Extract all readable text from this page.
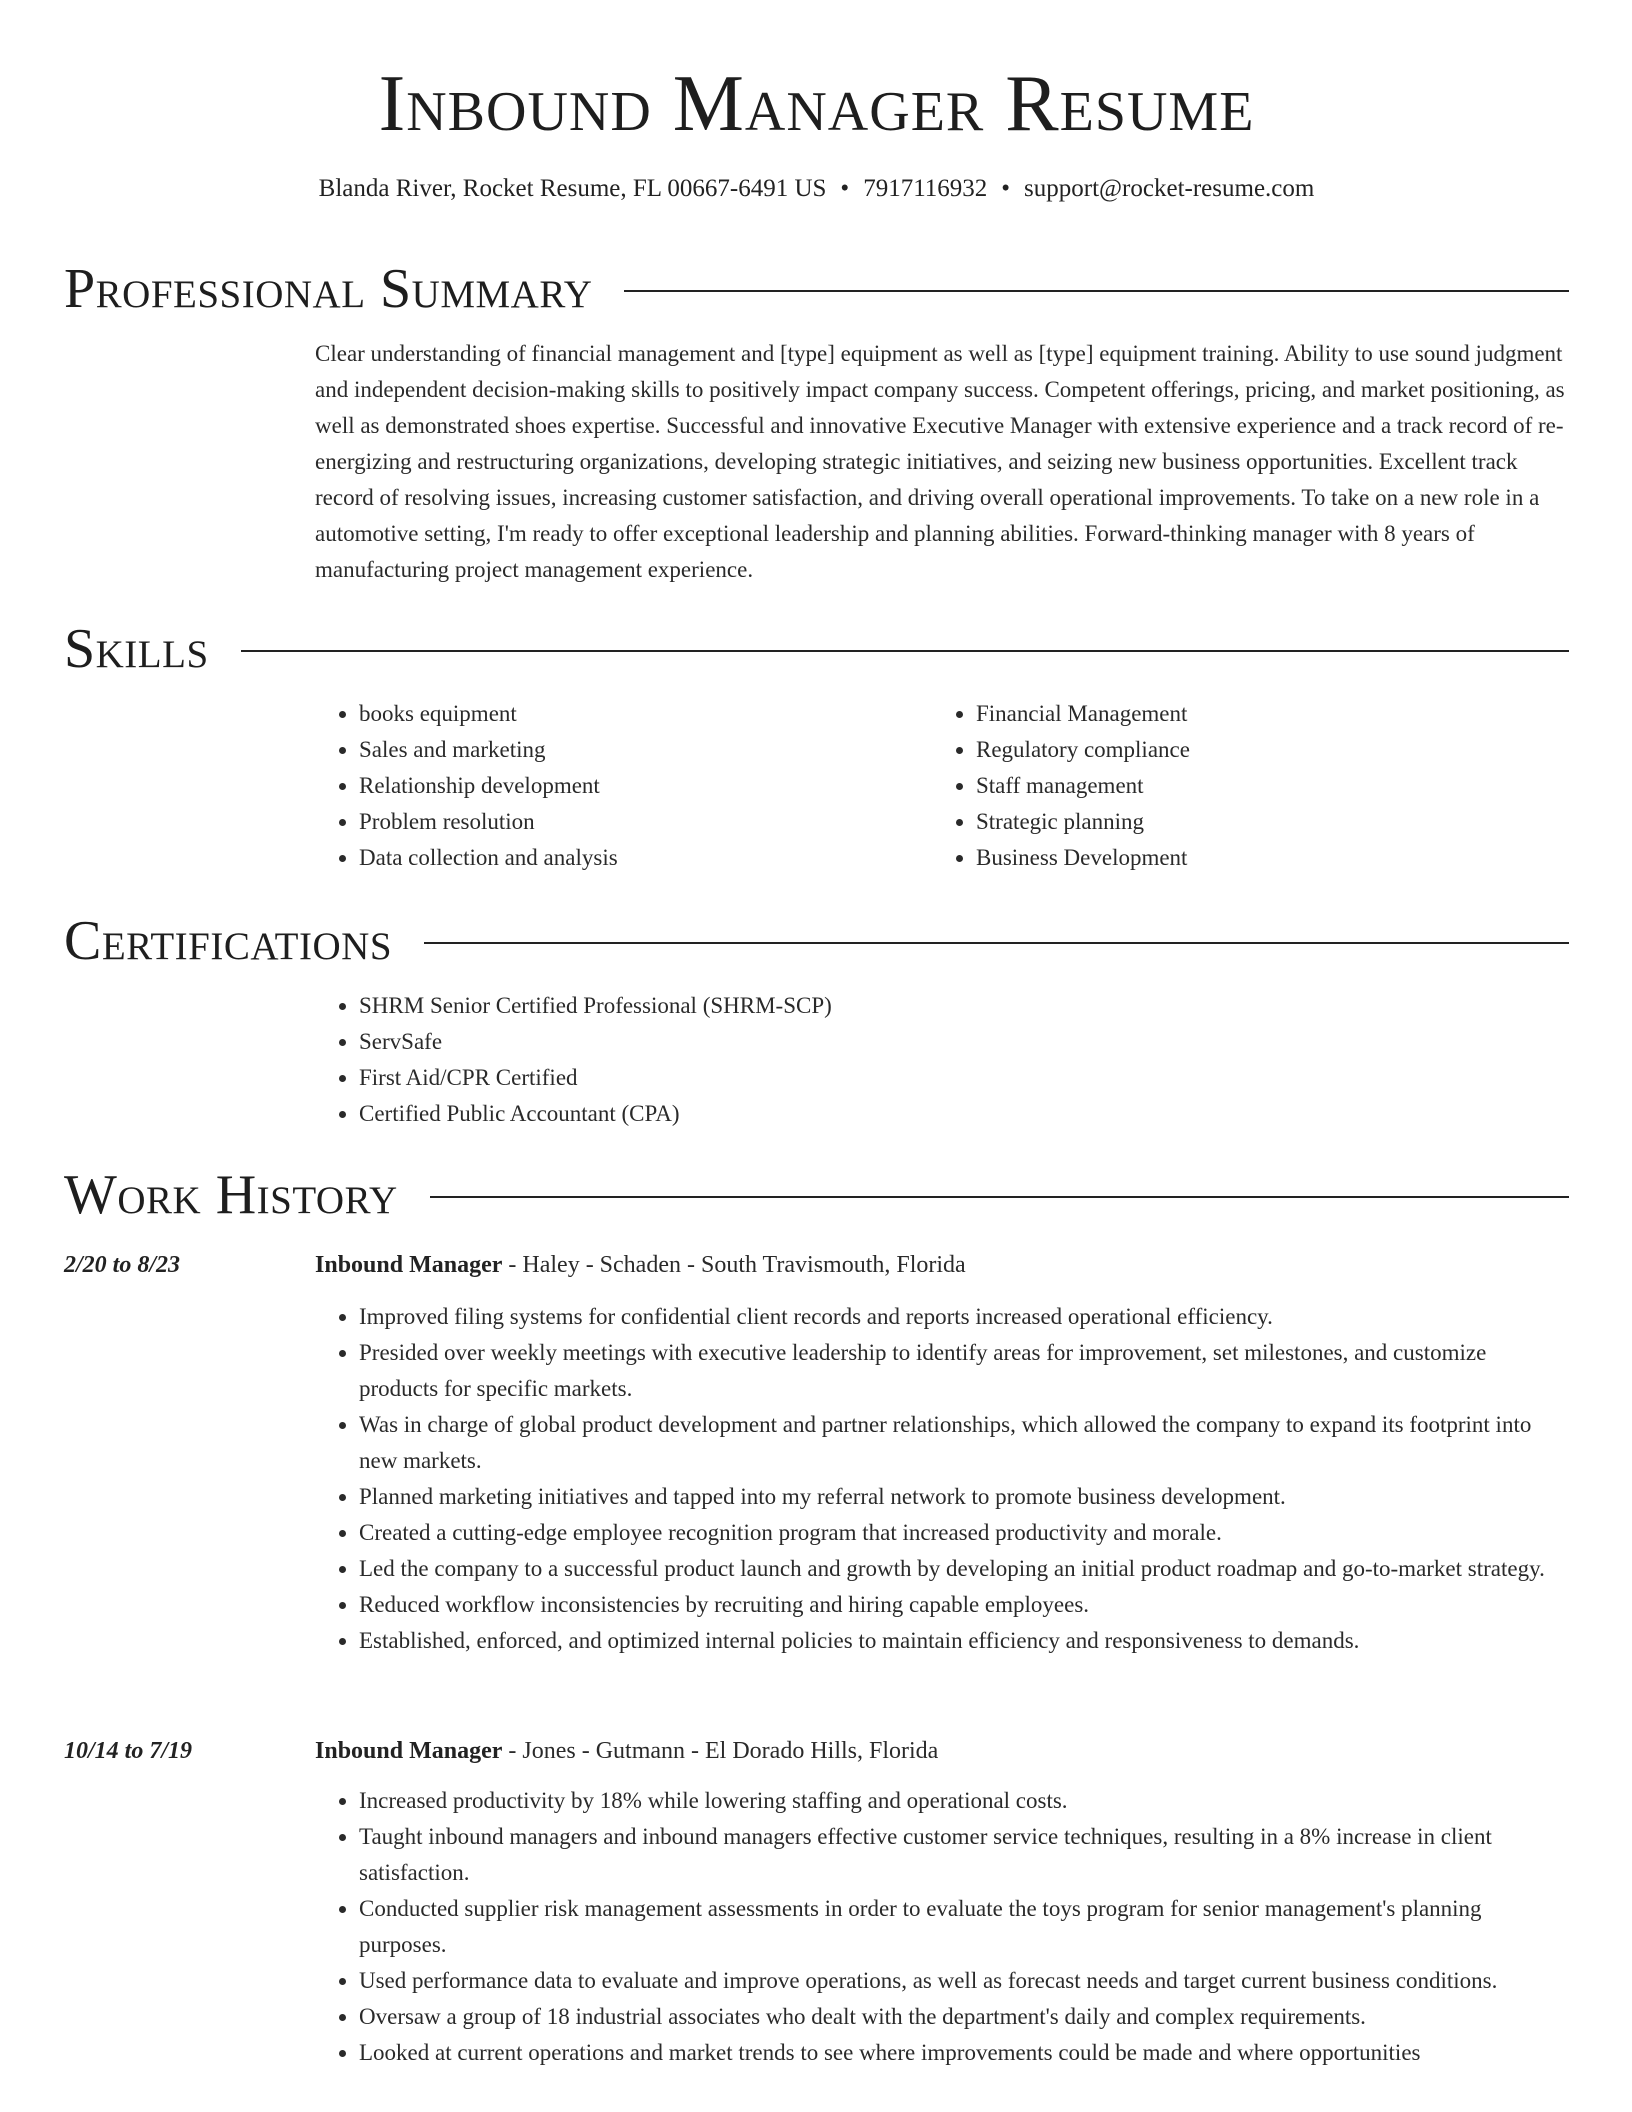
Inbound Manager Resume
Blanda River, Rocket Resume, FL 00667-6491 US • 7917116932 • support@rocket-resume.com
Professional Summary
Clear understanding of financial management and [type] equipment as well as [type] equipment training. Ability to use sound judgment and independent decision-making skills to positively impact company success. Competent offerings, pricing, and market positioning, as well as demonstrated shoes expertise. Successful and innovative Executive Manager with extensive experience and a track record of re-energizing and restructuring organizations, developing strategic initiatives, and seizing new business opportunities. Excellent track record of resolving issues, increasing customer satisfaction, and driving overall operational improvements. To take on a new role in a automotive setting, I'm ready to offer exceptional leadership and planning abilities. Forward-thinking manager with 8 years of manufacturing project management experience.
Skills
• books equipment
• Sales and marketing
• Relationship development
• Problem resolution
• Data collection and analysis
• Financial Management
• Regulatory compliance
• Staff management
• Strategic planning
• Business Development
Certifications
• SHRM Senior Certified Professional (SHRM-SCP)
• ServSafe
• First Aid/CPR Certified
• Certified Public Accountant (CPA)
Work History
2/20 to 8/23	Inbound Manager - Haley - Schaden - South Travismouth, Florida
• Improved filing systems for confidential client records and reports increased operational efficiency.
• Presided over weekly meetings with executive leadership to identify areas for improvement, set milestones, and customize products for specific markets.
• Was in charge of global product development and partner relationships, which allowed the company to expand its footprint into new markets.
• Planned marketing initiatives and tapped into my referral network to promote business development.
• Created a cutting-edge employee recognition program that increased productivity and morale.
• Led the company to a successful product launch and growth by developing an initial product roadmap and go-to-market strategy.
• Reduced workflow inconsistencies by recruiting and hiring capable employees.
• Established, enforced, and optimized internal policies to maintain efficiency and responsiveness to demands.
10/14 to 7/19	Inbound Manager - Jones - Gutmann - El Dorado Hills, Florida
• Increased productivity by 18% while lowering staffing and operational costs.
• Taught inbound managers and inbound managers effective customer service techniques, resulting in a 8% increase in client satisfaction.
• Conducted supplier risk management assessments in order to evaluate the toys program for senior management's planning purposes.
• Used performance data to evaluate and improve operations, as well as forecast needs and target current business conditions.
• Oversaw a group of 18 industrial associates who dealt with the department's daily and complex requirements.
• Looked at current operations and market trends to see where improvements could be made and where opportunities
